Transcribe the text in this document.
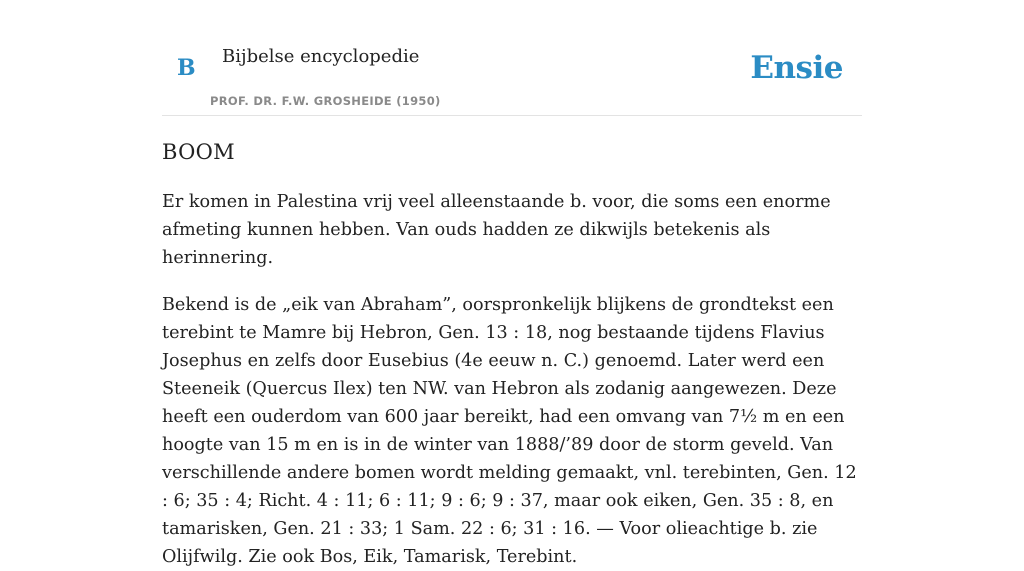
B Bijbelse encyclopedie
PROF. DR. F.W. GROSHEIDE (1950)
Ensie
BOOM

Er komen in Palestina vrij veel alleenstaande b. voor, die soms een enorme afmeting kunnen hebben. Van ouds hadden ze dikwijls betekenis als herinnering.

Bekend is de „eik van Abraham”, oorspronkelijk blijkens de grondtekst een terebint te Mamre bij Hebron, Gen. 13 : 18, nog bestaande tijdens Flavius Josephus en zelfs door Eusebius (4e eeuw n. C.) genoemd. Later werd een Steeneik (Quercus Ilex) ten NW. van Hebron als zodanig aangewezen. Deze heeft een ouderdom van 600 jaar bereikt, had een omvang van 7½ m en een hoogte van 15 m en is in de winter van 1888/’89 door de storm geveld. Van verschillende andere bomen wordt melding gemaakt, vnl. terebinten, Gen. 12 : 6; 35 : 4; Richt. 4 : 11; 6 : 11; 9 : 6; 9 : 37, maar ook eiken, Gen. 35 : 8, en tamarisken, Gen. 21 : 33; 1 Sam. 22 : 6; 31 : 16. — Voor olieachtige b. zie Olijfwilg. Zie ook Bos, Eik, Tamarisk, Terebint.
